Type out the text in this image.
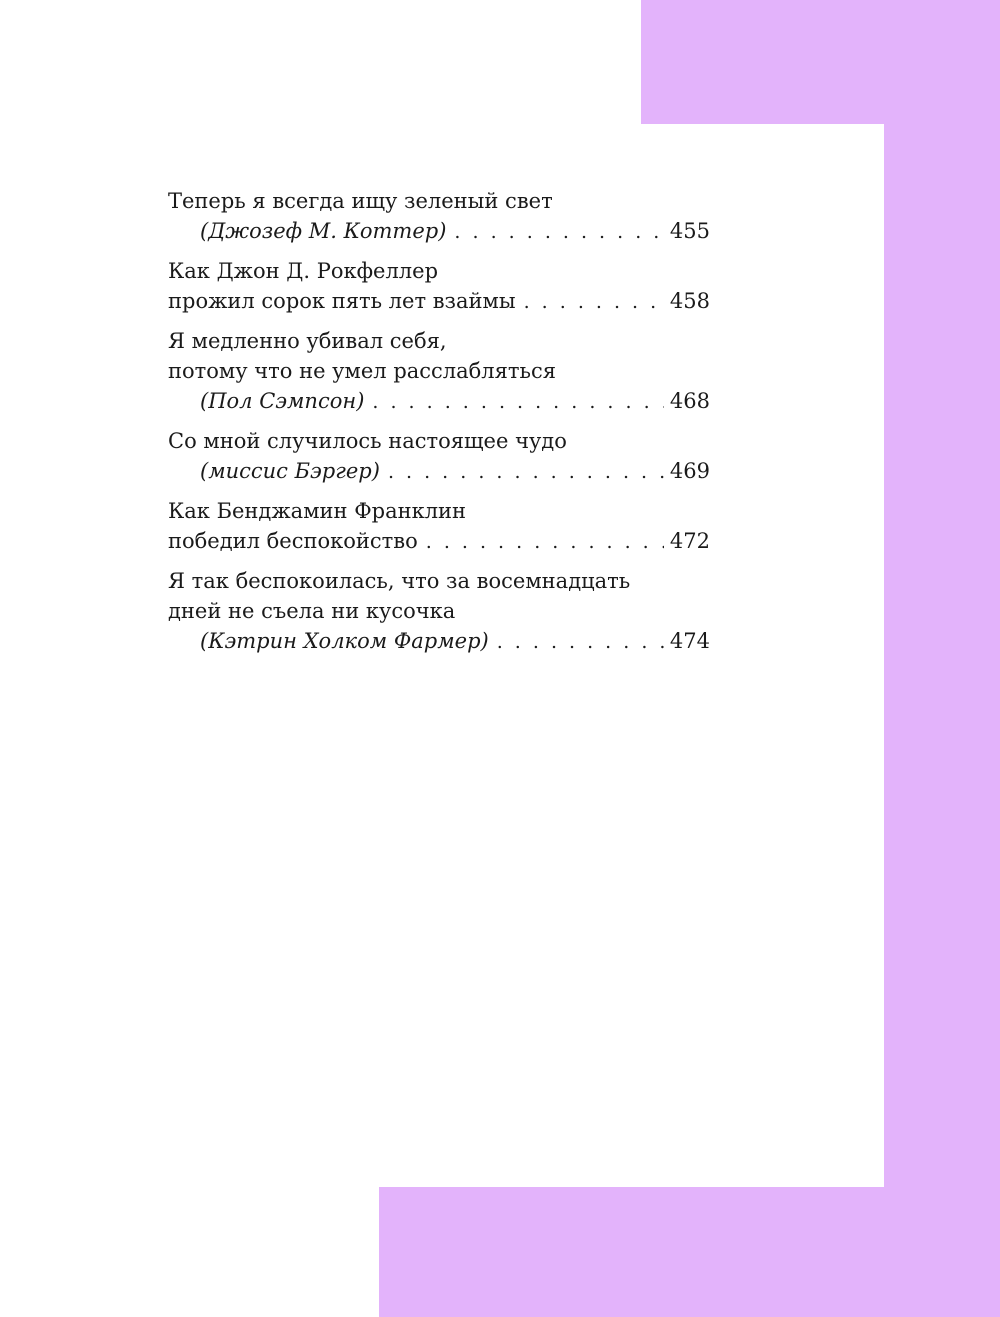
Теперь я всегда ищу зеленый свет
(Джозеф М. Коттер) . . .	455
Как Джон Д. Рокфеллер
прожил сорок пять лет взаймы . . .	458
Я медленно убивал себя,
потому что не умел расслабляться
(Пол Сэмпсон) . . .	468
Со мной случилось настоящее чудо
(миссис Бэргер) . . .	469
Как Бенджамин Франклин
победил беспокойство . . .	472
Я так беспокоилась, что за восемнадцать
дней не съела ни кусочка
(Кэтрин Холком Фармер) . . .	474
